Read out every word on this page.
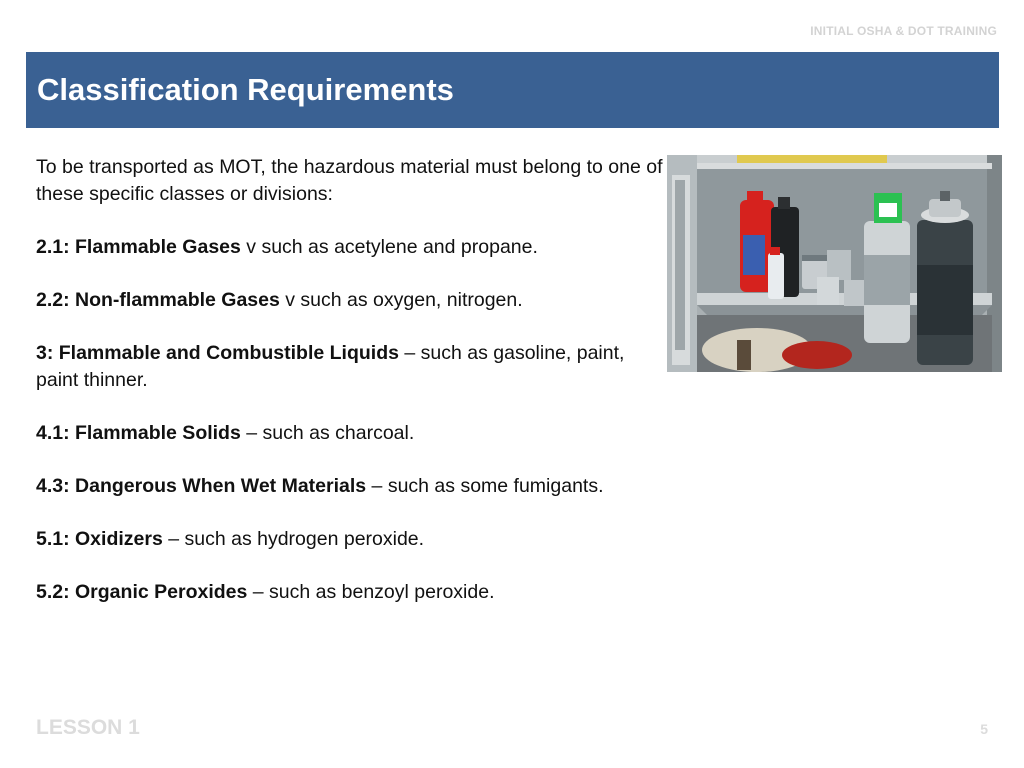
INITIAL OSHA & DOT TRAINING
Classification Requirements

To be transported as MOT, the hazardous material must belong to one of these specific classes or divisions:

2.1: Flammable Gases v such as acetylene and propane.

2.2: Non-flammable Gases v such as oxygen, nitrogen.

3: Flammable and Combustible Liquids – such as gasoline, paint, paint thinner.

4.1: Flammable Solids – such as charcoal.

4.3: Dangerous When Wet Materials – such as some fumigants.

5.1: Oxidizers – such as hydrogen peroxide.

5.2: Organic Peroxides – such as benzoyl peroxide.

LESSON 1	5
